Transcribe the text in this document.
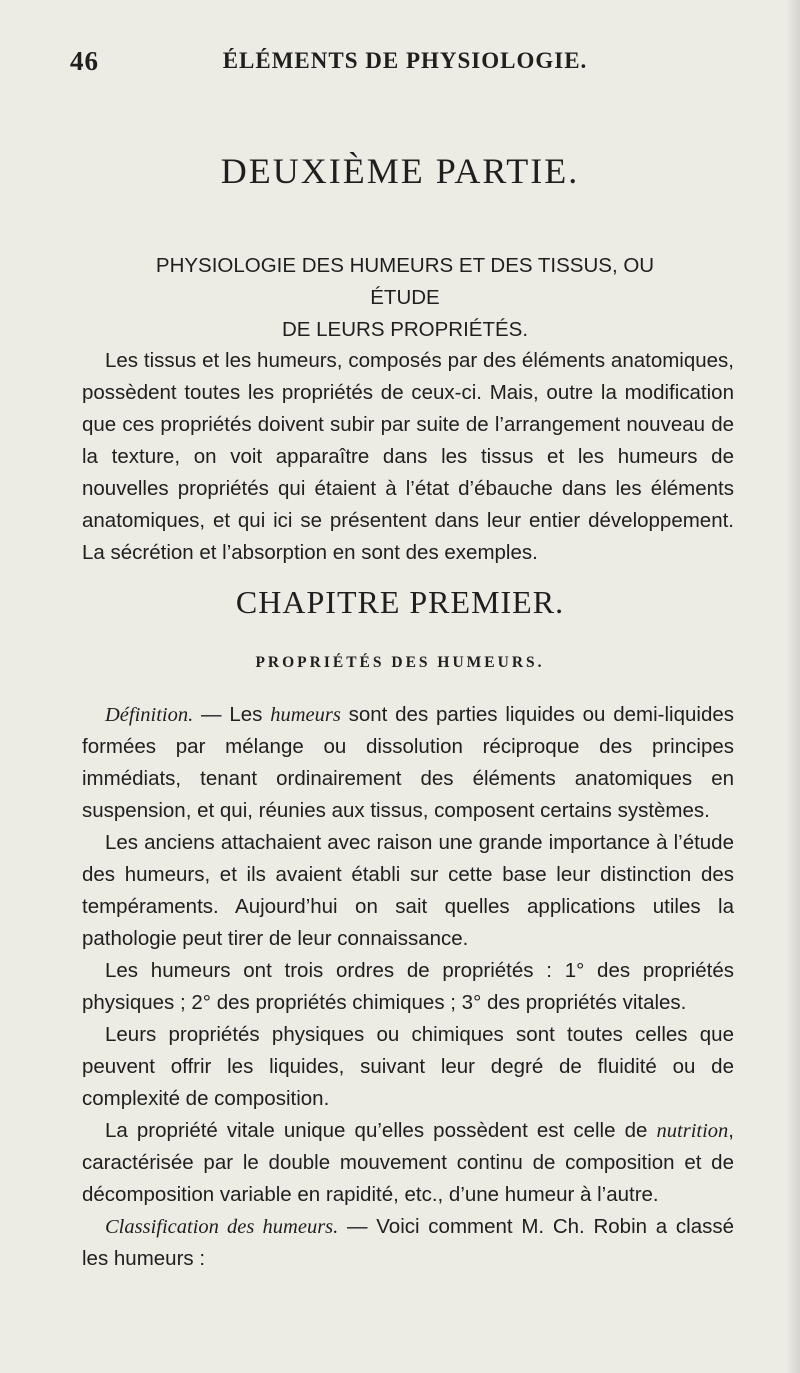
46	ÉLÉMENTS DE PHYSIOLOGIE.
DEUXIÈME PARTIE.
PHYSIOLOGIE DES HUMEURS ET DES TISSUS, OU ÉTUDE
DE LEURS PROPRIÉTÉS.

Les tissus et les humeurs, composés par des éléments anatomiques, possèdent toutes les propriétés de ceux-ci. Mais, outre la modification que ces propriétés doivent subir par suite de l’arrangement nouveau de la texture, on voit apparaître dans les tissus et les humeurs de nouvelles propriétés qui étaient à l’état d’ébauche dans les éléments anatomiques, et qui ici se présentent dans leur entier développement. La sécrétion et l’absorption en sont des exemples.

CHAPITRE PREMIER.
PROPRIÉTÉS DES HUMEURS.

Définition. — Les humeurs sont des parties liquides ou demi-liquides formées par mélange ou dissolution réciproque des principes immédiats, tenant ordinairement des éléments anatomiques en suspension, et qui, réunies aux tissus, composent certains systèmes.

Les anciens attachaient avec raison une grande importance à l’étude des humeurs, et ils avaient établi sur cette base leur distinction des tempéraments. Aujourd’hui on sait quelles applications utiles la pathologie peut tirer de leur connaissance.

Les humeurs ont trois ordres de propriétés : 1° des propriétés physiques ; 2° des propriétés chimiques ; 3° des propriétés vitales.

Leurs propriétés physiques ou chimiques sont toutes celles que peuvent offrir les liquides, suivant leur degré de fluidité ou de complexité de composition.

La propriété vitale unique qu’elles possèdent est celle de nutrition, caractérisée par le double mouvement continu de composition et de décomposition variable en rapidité, etc., d’une humeur à l’autre.

Classification des humeurs. — Voici comment M. Ch. Robin a classé les humeurs :
